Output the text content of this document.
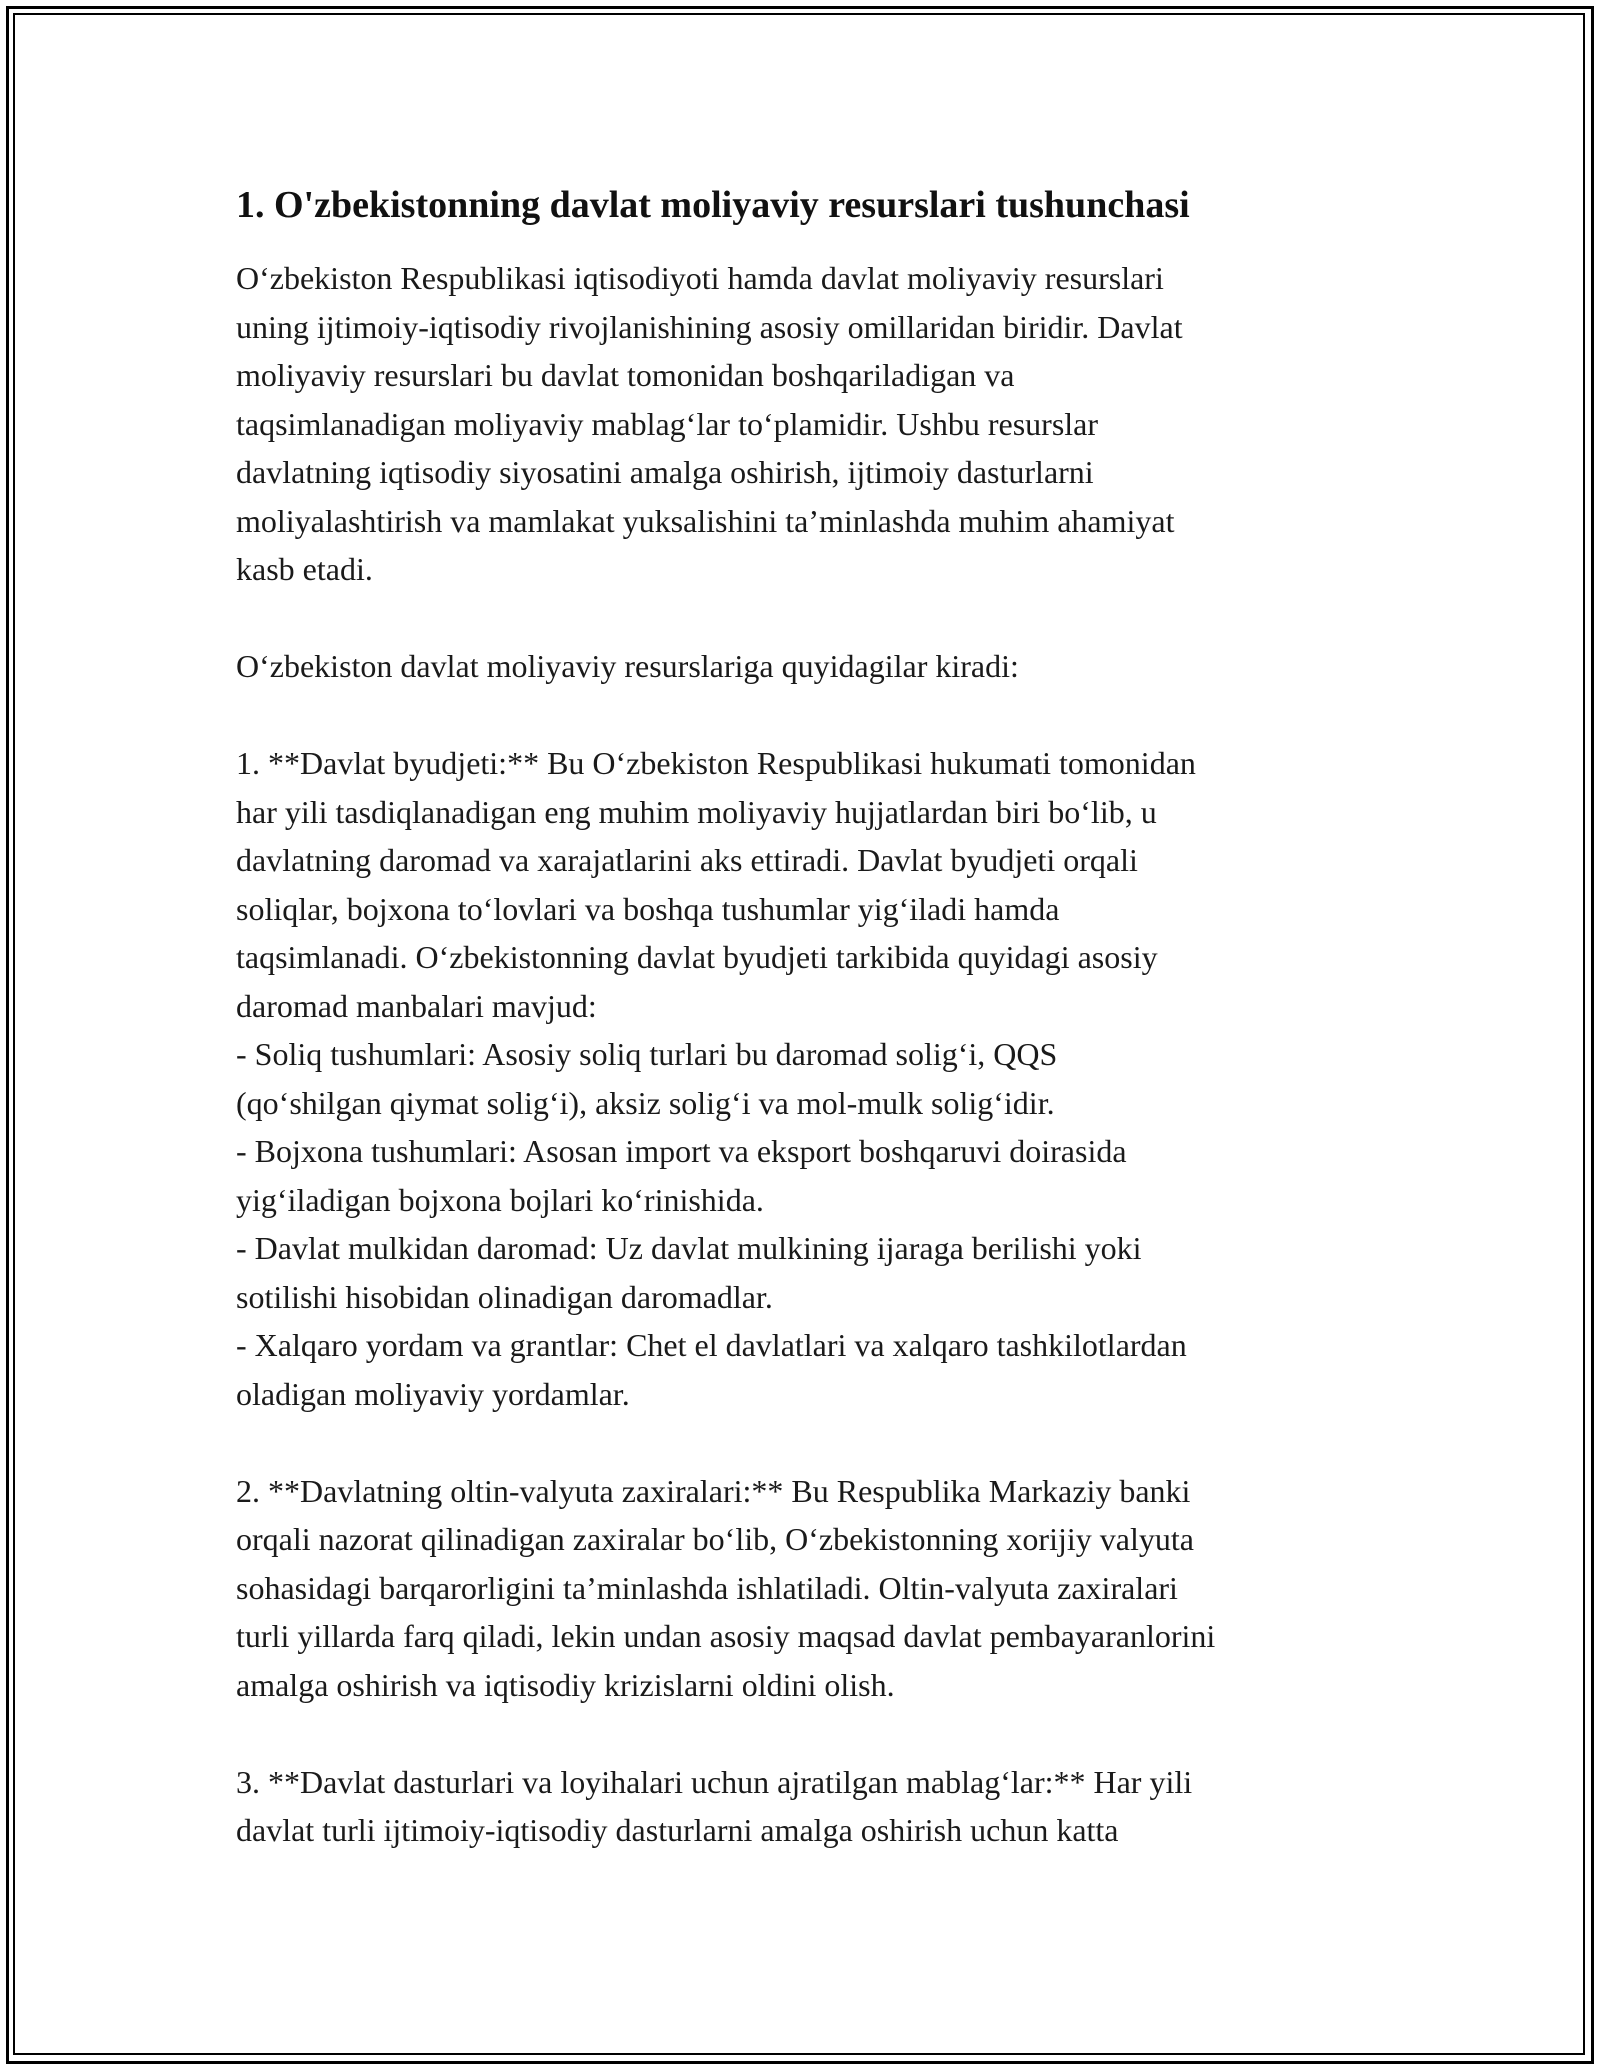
1. O'zbekistonning davlat moliyaviy resurslari tushunchasi

O‘zbekiston Respublikasi iqtisodiyoti hamda davlat moliyaviy resurslari
uning ijtimoiy-iqtisodiy rivojlanishining asosiy omillaridan biridir. Davlat
moliyaviy resurslari bu davlat tomonidan boshqariladigan va
taqsimlanadigan moliyaviy mablag‘lar to‘plamidir. Ushbu resurslar
davlatning iqtisodiy siyosatini amalga oshirish, ijtimoiy dasturlarni
moliyalashtirish va mamlakat yuksalishini ta’minlashda muhim ahamiyat
kasb etadi.

O‘zbekiston davlat moliyaviy resurslariga quyidagilar kiradi:

1. **Davlat byudjeti:** Bu O‘zbekiston Respublikasi hukumati tomonidan
har yili tasdiqlanadigan eng muhim moliyaviy hujjatlardan biri bo‘lib, u
davlatning daromad va xarajatlarini aks ettiradi. Davlat byudjeti orqali
soliqlar, bojxona to‘lovlari va boshqa tushumlar yig‘iladi hamda
taqsimlanadi. O‘zbekistonning davlat byudjeti tarkibida quyidagi asosiy
daromad manbalari mavjud:
- Soliq tushumlari: Asosiy soliq turlari bu daromad solig‘i, QQS
(qo‘shilgan qiymat solig‘i), aksiz solig‘i va mol-mulk solig‘idir.
- Bojxona tushumlari: Asosan import va eksport boshqaruvi doirasida
yig‘iladigan bojxona bojlari ko‘rinishida.
- Davlat mulkidan daromad: Uz davlat mulkining ijaraga berilishi yoki
sotilishi hisobidan olinadigan daromadlar.
- Xalqaro yordam va grantlar: Chet el davlatlari va xalqaro tashkilotlardan
oladigan moliyaviy yordamlar.

2. **Davlatning oltin-valyuta zaxiralari:** Bu Respublika Markaziy banki
orqali nazorat qilinadigan zaxiralar bo‘lib, O‘zbekistonning xorijiy valyuta
sohasidagi barqarorligini ta’minlashda ishlatiladi. Oltin-valyuta zaxiralari
turli yillarda farq qiladi, lekin undan asosiy maqsad davlat pembayaranlorini
amalga oshirish va iqtisodiy krizislarni oldini olish.

3. **Davlat dasturlari va loyihalari uchun ajratilgan mablag‘lar:** Har yili
davlat turli ijtimoiy-iqtisodiy dasturlarni amalga oshirish uchun katta
